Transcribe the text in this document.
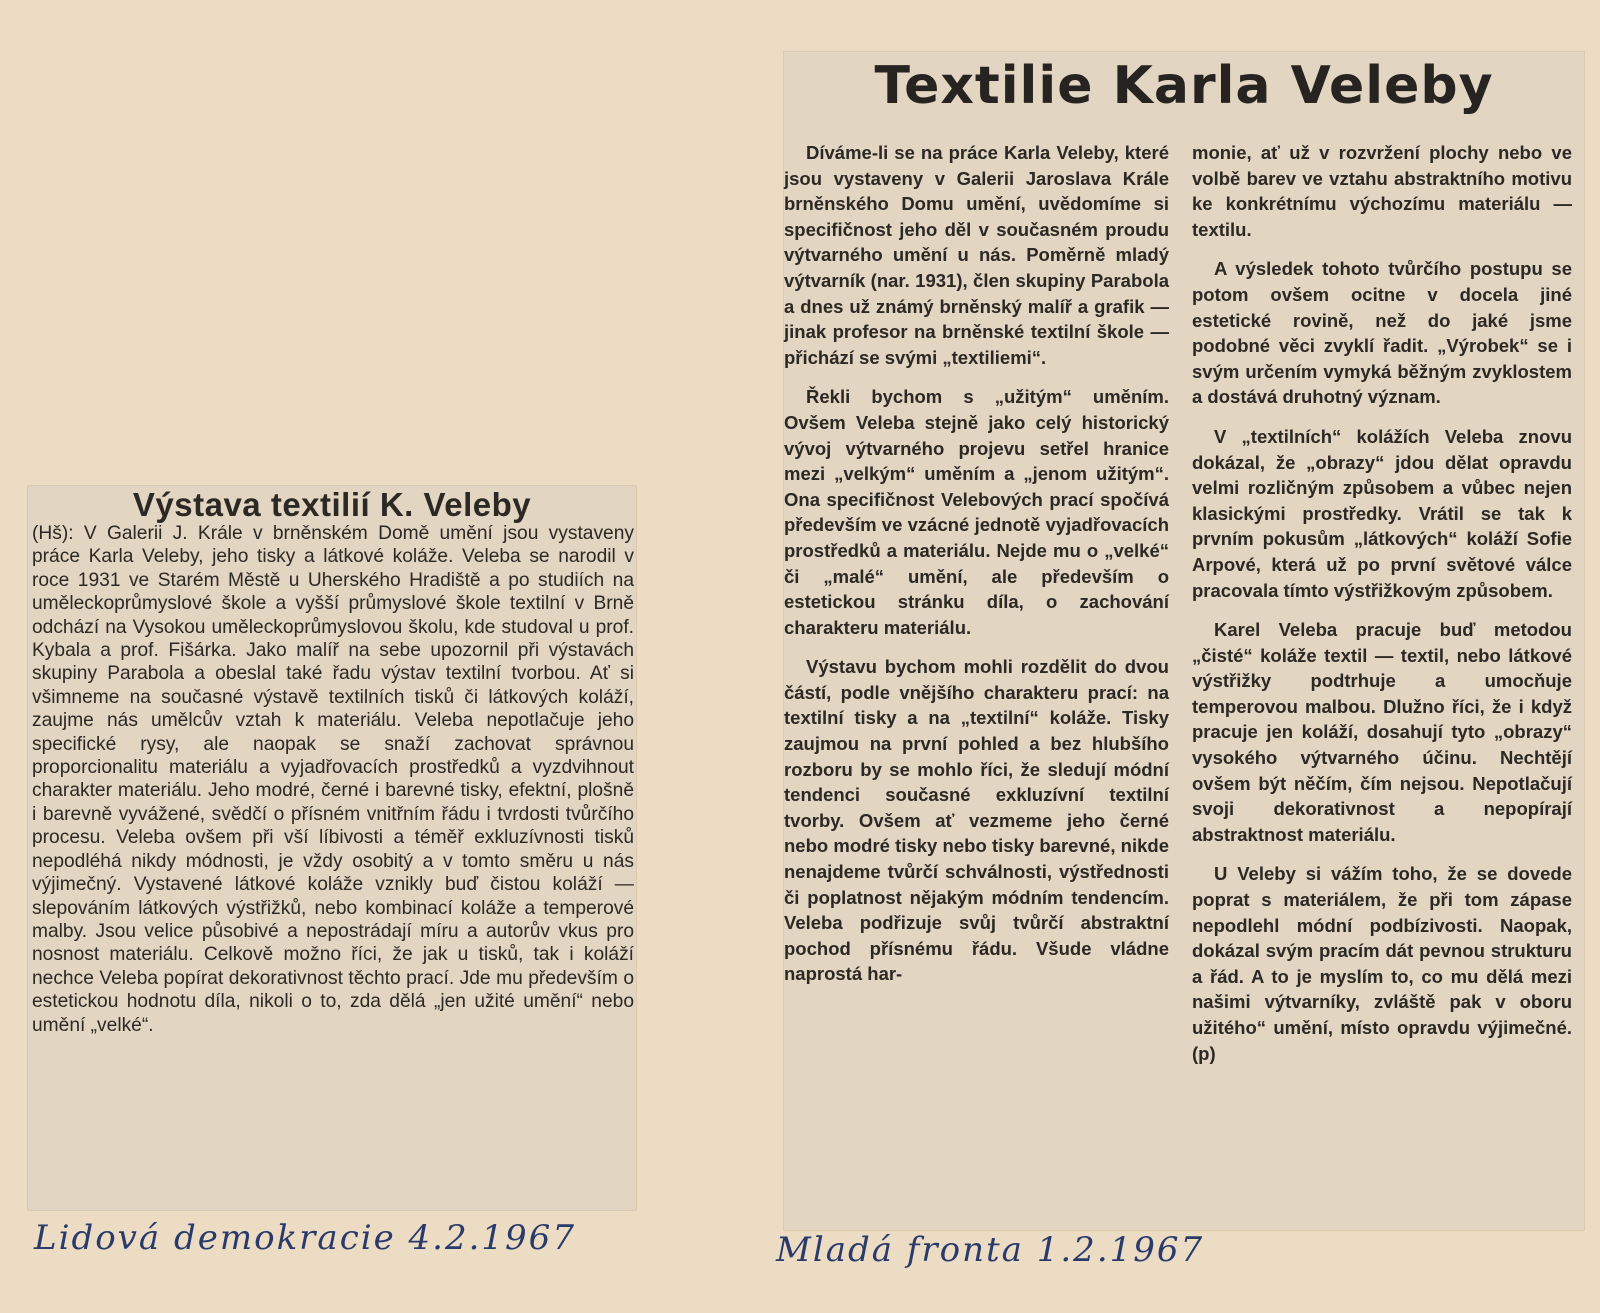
Výstava textilií K. Veleby

(Hš): V Galerii J. Krále v brněnském Domě umění jsou vystaveny práce Karla Veleby, jeho tisky a látkové koláže. Veleba se narodil v roce 1931 ve Starém Městě u Uherského Hradiště a po studiích na uměleckoprůmyslové škole a vyšší průmyslové škole textilní v Brně odchází na Vysokou uměleckoprůmyslovou školu, kde studoval u prof. Kybala a prof. Fišárka. Jako malíř na sebe upozornil při výstavách skupiny Parabola a obeslal také řadu výstav textilní tvorbou. Ať si všimneme na současné výstavě textilních tisků či látkových koláží, zaujme nás umělcův vztah k materiálu. Veleba nepotlačuje jeho specifické rysy, ale naopak se snaží zachovat správnou proporcionalitu materiálu a vyjadřovacích prostředků a vyzdvihnout charakter materiálu. Jeho modré, černé i barevné tisky, efektní, plošně i barevně vyvážené, svědčí o přísném vnitřním řádu i tvrdosti tvůrčího procesu. Veleba ovšem při vší líbivosti a téměř exkluzívnosti tisků nepodléhá nikdy módnosti, je vždy osobitý a v tomto směru u nás výjimečný. Vystavené látkové koláže vznikly buď čistou koláží — slepováním látkových výstřižků, nebo kombinací koláže a temperové malby. Jsou velice působivé a nepostrádají míru a autorův vkus pro nosnost materiálu. Celkově možno říci, že jak u tisků, tak i koláží nechce Veleba popírat dekorativnost těchto prací. Jde mu především o estetickou hodnotu díla, nikoli o to, zda dělá „jen užité umění“ nebo umění „velké“.

Lidová demokracie 4.2.1967
Textilie Karla Veleby

Díváme-li se na práce Karla Veleby, které jsou vystaveny v Galerii Jaroslava Krále brněnského Domu umění, uvědomíme si specifičnost jeho děl v současném proudu výtvarného umění u nás. Poměrně mladý výtvarník (nar. 1931), člen skupiny Parabola a dnes už známý brněnský malíř a grafik — jinak profesor na brněnské textilní škole — přichází se svými „textiliemi“.

Řekli bychom s „užitým“ uměním. Ovšem Veleba stejně jako celý historický vývoj výtvarného projevu setřel hranice mezi „velkým“ uměním a „jenom užitým“. Ona specifičnost Velebových prací spočívá především ve vzácné jednotě vyjadřovacích prostředků a materiálu. Nejde mu o „velké“ či „malé“ umění, ale především o estetickou stránku díla, o zachování charakteru materiálu.

Výstavu bychom mohli rozdělit do dvou částí, podle vnějšího charakteru prací: na textilní tisky a na „textilní“ koláže. Tisky zaujmou na první pohled a bez hlubšího rozboru by se mohlo říci, že sledují módní tendenci současné exkluzívní textilní tvorby. Ovšem ať vezmeme jeho černé nebo modré tisky nebo tisky barevné, nikde nenajdeme tvůrčí schválnosti, výstřednosti či poplatnost nějakým módním tendencím. Veleba podřizuje svůj tvůrčí abstraktní pochod přísnému řádu. Všude vládne naprostá har-

monie, ať už v rozvržení plochy nebo ve volbě barev ve vztahu abstraktního motivu ke konkrétnímu výchozímu materiálu — textilu.

A výsledek tohoto tvůrčího postupu se potom ovšem ocitne v docela jiné estetické rovině, než do jaké jsme podobné věci zvyklí řadit. „Výrobek“ se i svým určením vymyká běžným zvyklostem a dostává druhotný význam.

V „textilních“ kolážích Veleba znovu dokázal, že „obrazy“ jdou dělat opravdu velmi rozličným způsobem a vůbec nejen klasickými prostředky. Vrátil se tak k prvním pokusům „látkových“ koláží Sofie Arpové, která už po první světové válce pracovala tímto výstřižkovým způsobem.

Karel Veleba pracuje buď metodou „čisté“ koláže textil — textil, nebo látkové výstřižky podtrhuje a umocňuje temperovou malbou. Dlužno říci, že i když pracuje jen koláží, dosahují tyto „obrazy“ vysokého výtvarného účinu. Nechtějí ovšem být něčím, čím nejsou. Nepotlačují svoji dekorativnost a nepopírají abstraktnost materiálu.

U Veleby si vážím toho, že se dovede poprat s materiálem, že při tom zápase nepodlehl módní podbízivosti. Naopak, dokázal svým pracím dát pevnou strukturu a řád. A to je myslím to, co mu dělá mezi našimi výtvarníky, zvláště pak v oboru užitého“ umění, místo opravdu výjimečné. (p)

Mladá fronta 1.2.1967
